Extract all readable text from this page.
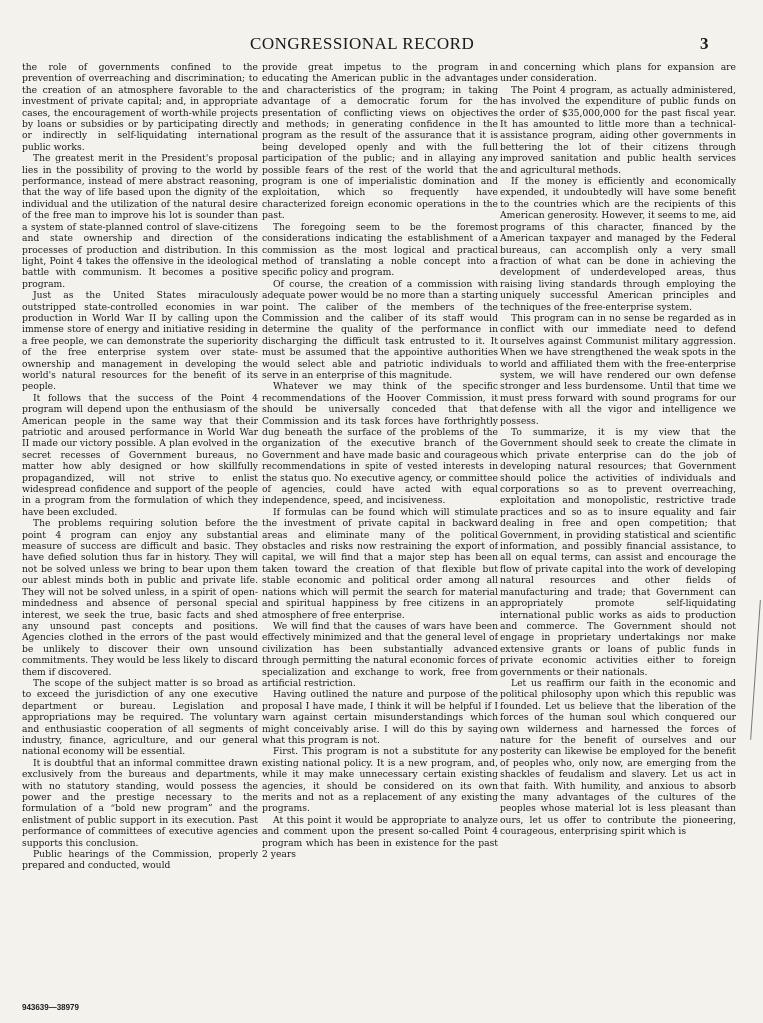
CONGRESSIONAL RECORD	3

the role of governments confined to the prevention of overreaching and discrimination; to the creation of an atmosphere favorable to the investment of private capital; and, in appropriate cases, the encouragement of worth-while projects by loans or subsidies or by participating directly or indirectly in self-liquidating international public works.

The greatest merit in the President's proposal lies in the possibility of proving to the world by performance, instead of mere abstract reasoning, that the way of life based upon the dignity of the individual and the utilization of the natural desire of the free man to improve his lot is sounder than a system of state-planned control of slave-citizens and state ownership and direction of the processes of production and distribution. In this light, Point 4 takes the offensive in the ideological battle with communism. It becomes a positive program.

Just as the United States miraculously outstripped state-controlled economies in war production in World War II by calling upon the immense store of energy and initiative residing in a free people, we can demonstrate the superiority of the free enterprise system over state-ownership and management in developing the world's natural resources for the benefit of its people.

It follows that the success of the Point 4 program will depend upon the enthusiasm of the American people in the same way that their patriotic and aroused performance in World War II made our victory possible. A plan evolved in the secret recesses of Government bureaus, no matter how ably designed or how skillfully propagandized, will not strive to enlist widespread confidence and support of the people in a program from the formulation of which they have been excluded.

The problems requiring solution before the point 4 program can enjoy any substantial measure of success are difficult and basic. They have defied solution thus far in history. They will not be solved unless we bring to bear upon them our ablest minds both in public and private life. They will not be solved unless, in a spirit of open-mindedness and absence of personal special interest, we seek the true, basic facts and shed any unsound past concepts and positions. Agencies clothed in the errors of the past would be unlikely to discover their own unsound commitments. They would be less likely to discard them if discovered.

The scope of the subject matter is so broad as to exceed the jurisdiction of any one executive department or bureau. Legislation and appropriations may be required. The voluntary and enthusiastic cooperation of all segments of industry, finance, agriculture, and our general national economy will be essential.

It is doubtful that an informal committee drawn exclusively from the bureaus and departments, with no statutory standing, would possess the power and the prestige necessary to the formulation of a “bold new program” and the enlistment of public support in its execution. Past performance of committees of executive agencies supports this conclusion.

Public hearings of the Commission, properly prepared and conducted, would

provide great impetus to the program in educating the American public in the advantages and characteristics of the program; in taking advantage of a democratic forum for the presentation of conflicting views on objectives and methods; in generating confidence in the program as the result of the assurance that it is being developed openly and with the full participation of the public; and in allaying any possible fears of the rest of the world that the program is one of imperialistic domination and exploitation, which so frequently have characterized foreign economic operations in the past.

The foregoing seem to be the foremost considerations indicating the establishment of a commission as the most logical and practical method of translating a noble concept into a specific policy and program.

Of course, the creation of a commission with adequate power would be no more than a starting point. The caliber of the members of the Commission and the caliber of its staff would determine the quality of the performance in discharging the difficult task entrusted to it. It must be assumed that the appointive authorities would select able and patriotic individuals to serve in an enterprise of this magnitude.

Whatever we may think of the specific recommendations of the Hoover Commission, it should be universally conceded that that Commission and its task forces have forthrightly dug beneath the surface of the problems of the organization of the executive branch of the Government and have made basic and courageous recommendations in spite of vested interests in the status quo. No executive agency, or committee of agencies, could have acted with equal independence, speed, and incisiveness.

If formulas can be found which will stimulate the investment of private capital in backward areas and eliminate many of the political obstacles and risks now restraining the export of capital, we will find that a major step has been taken toward the creation of that flexible but stable economic and political order among all nations which will permit the search for material and spiritual happiness by free citizens in an atmosphere of free enterprise.

We will find that the causes of wars have been effectively minimized and that the general level of civilization has been substantially advanced through permitting the natural economic forces of specialization and exchange to work, free from artificial restriction.

Having outlined the nature and purpose of the proposal I have made, I think it will be helpful if I warn against certain misunderstandings which might conceivably arise. I will do this by saying what this program is not.

First. This program is not a substitute for any existing national policy. It is a new program, and, while it may make unnecessary certain existing agencies, it should be considered on its own merits and not as a replacement of any existing programs.

At this point it would be appropriate to analyze and comment upon the present so-called Point 4 program which has been in existence for the past 2 years

and concerning which plans for expansion are under consideration.

The Point 4 program, as actually administered, has involved the expenditure of public funds on the order of $35,000,000 for the past fiscal year. It has amounted to little more than a technical-assistance program, aiding other governments in bettering the lot of their citizens through improved sanitation and public health services and agricultural methods.

If the money is efficiently and economically expended, it undoubtedly will have some benefit to the countries which are the recipients of this American generosity. However, it seems to me, aid programs of this character, financed by the American taxpayer and managed by the Federal bureaus, can accomplish only a very small fraction of what can be done in achieving the development of underdeveloped areas, thus raising living standards through employing the uniquely successful American principles and techniques of the free-enterprise system.

This program can in no sense be regarded as in conflict with our immediate need to defend ourselves against Communist military aggression. When we have strengthened the weak spots in the world and affiliated them with the free-enterprise system, we will have rendered our own defense stronger and less burdensome. Until that time we must press forward with sound programs for our defense with all the vigor and intelligence we possess.

To summarize, it is my view that the Government should seek to create the climate in which private enterprise can do the job of developing natural resources; that Government should police the activities of individuals and corporations so as to prevent overreaching, exploitation and monopolistic, restrictive trade practices and so as to insure equality and fair dealing in free and open competition; that Government, in providing statistical and scientific information, and possibly financial assistance, to all on equal terms, can assist and encourage the flow of private capital into the work of developing natural resources and other fields of manufacturing and trade; that Government can appropriately promote self-liquidating international public works as aids to production and commerce. The Government should not engage in proprietary undertakings nor make extensive grants or loans of public funds in private economic activities either to foreign governments or their nationals.

Let us reaffirm our faith in the economic and political philosophy upon which this republic was founded. Let us believe that the liberation of the forces of the human soul which conquered our own wilderness and harnessed the forces of nature for the benefit of ourselves and our posterity can likewise be employed for the benefit of peoples who, only now, are emerging from the shackles of feudalism and slavery. Let us act in that faith. With humility, and anxious to absorb the many advantages of the cultures of the peoples whose material lot is less pleasant than ours, let us offer to contribute the pioneering, courageous, enterprising spirit which is

943639—38979
